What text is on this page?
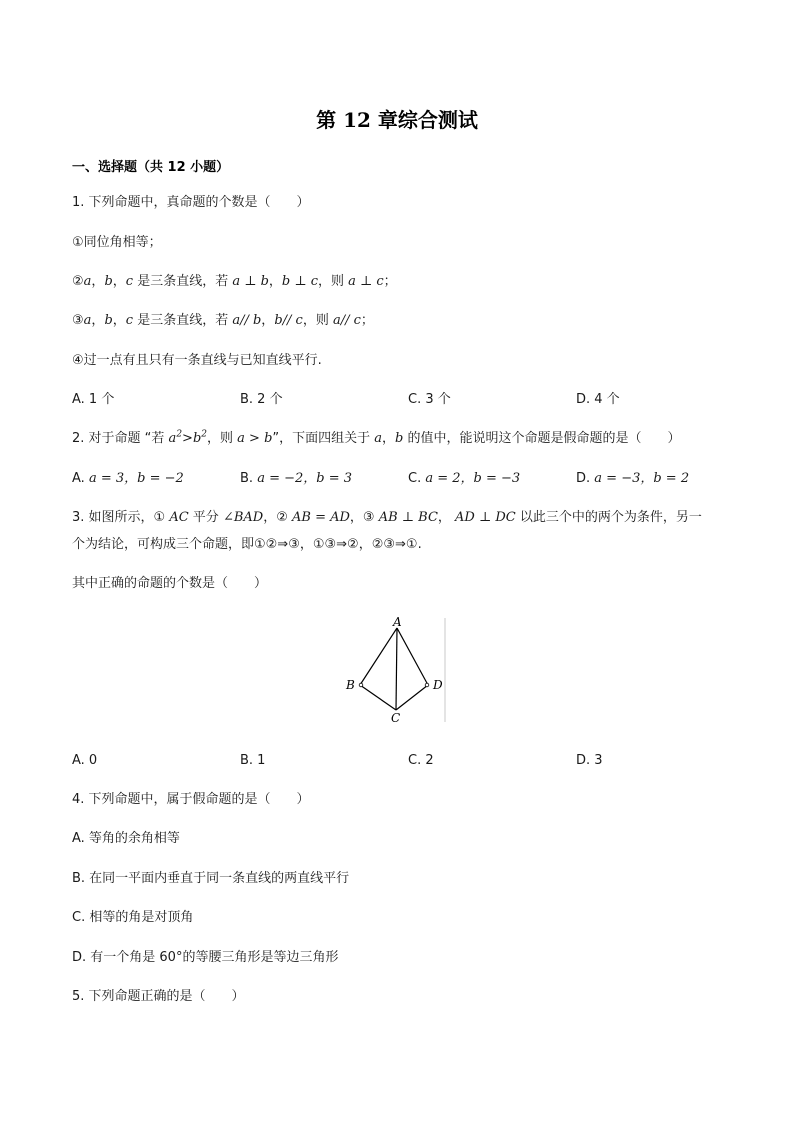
第 12 章综合测试
一、选择题（共 12 小题）
1. 下列命题中，真命题的个数是（　　）
①同位角相等；
②a，b，c 是三条直线，若 a ⊥ b，b ⊥ c，则 a ⊥ c；
③a，b，c 是三条直线，若 a// b，b// c，则 a// c；
④过一点有且只有一条直线与已知直线平行.
A. 1 个	B. 2 个	C. 3 个	D. 4 个
2. 对于命题 “若 $a^2>b^2$，则 a > b”，下面四组关于 a，b 的值中，能说明这个命题是假命题的是（　　）
A. a = 3，b = −2	B. a = −2，b = 3	C. a = 2，b = −3	D. a = −3，b = 2
3. 如图所示，① AC 平分 ∠BAD，② AB = AD，③ AB ⊥ BC， AD ⊥ DC 以此三个中的两个为条件，另一
个为结论，可构成三个命题，即①②⇒③，①③⇒②，②③⇒①.
其中正确的命题的个数是（　　）
A
B
C
D
A. 0	B. 1	C. 2	D. 3
4. 下列命题中，属于假命题的是（　　）
A. 等角的余角相等
B. 在同一平面内垂直于同一条直线的两直线平行
C. 相等的角是对顶角
D. 有一个角是 60°的等腰三角形是等边三角形
5. 下列命题正确的是（　　）
